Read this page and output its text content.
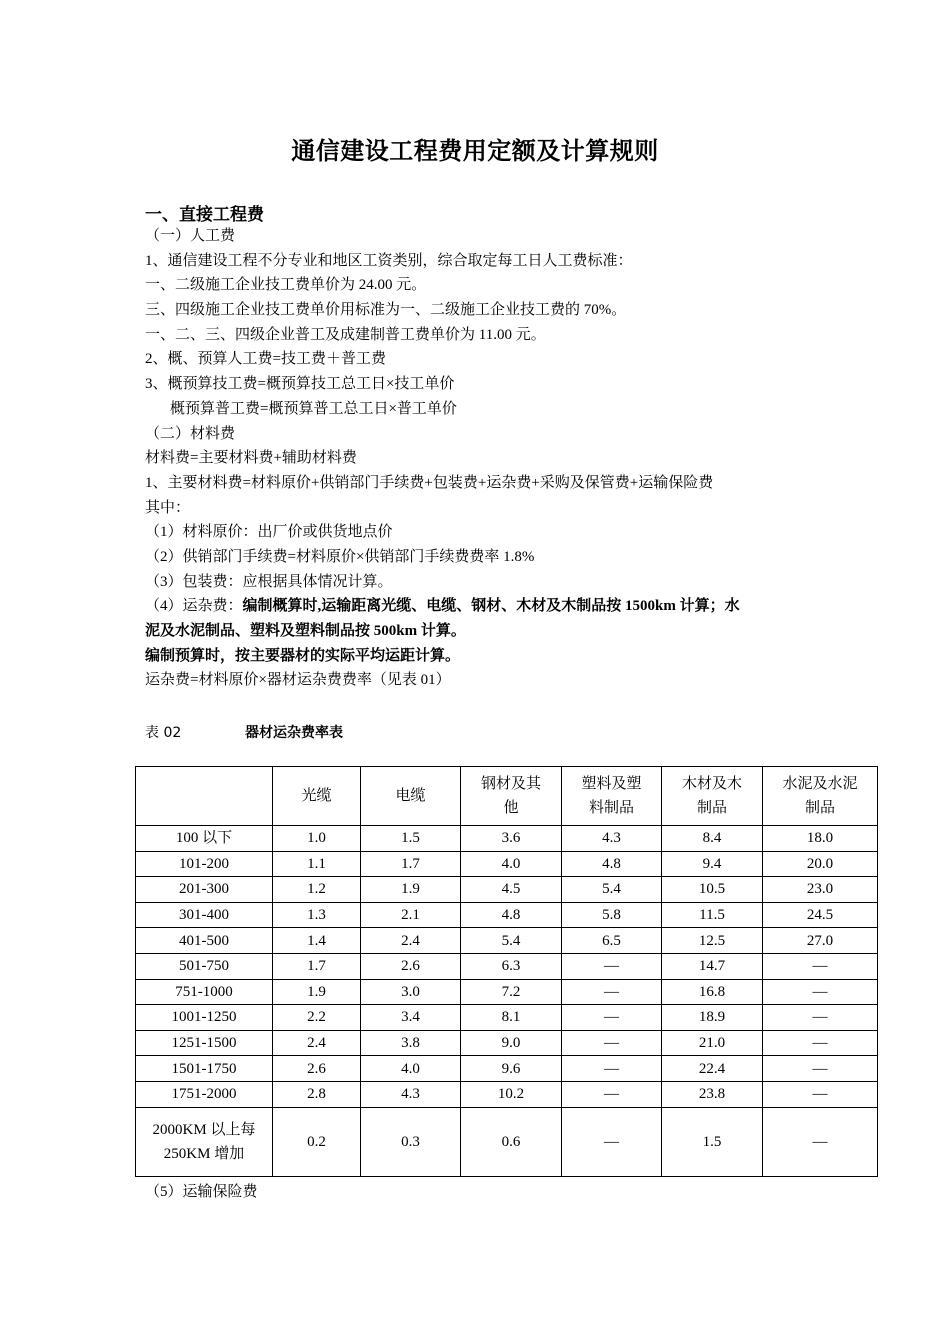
通信建设工程费用定额及计算规则
一、直接工程费
（一）人工费
1、通信建设工程不分专业和地区工资类别，综合取定每工日人工费标准：
一、二级施工企业技工费单价为 24.00 元。
三、四级施工企业技工费单价用标准为一、二级施工企业技工费的 70%。
一、二、三、四级企业普工及成建制普工费单价为 11.00 元。
2、概、预算人工费=技工费＋普工费
3、概预算技工费=概预算技工总工日×技工单价
概预算普工费=概预算普工总工日×普工单价
（二）材料费
材料费=主要材料费+辅助材料费
1、主要材料费=材料原价+供销部门手续费+包装费+运杂费+采购及保管费+运输保险费
其中：
（1）材料原价：出厂价或供货地点价
（2）供销部门手续费=材料原价×供销部门手续费费率 1.8%
（3）包装费：应根据具体情况计算。
（4）运杂费：编制概算时,运输距离光缆、电缆、钢材、木材及木制品按 1500km 计算；水
泥及水泥制品、塑料及塑料制品按 500km 计算。
编制预算时，按主要器材的实际平均运距计算。
运杂费=材料原价×器材运杂费费率（见表 01）
表 02	器材运杂费率表
	光缆	电缆	钢材及其他	塑料及塑料制品	木材及木制品	水泥及水泥制品
100 以下	1.0	1.5	3.6	4.3	8.4	18.0
101-200	1.1	1.7	4.0	4.8	9.4	20.0
201-300	1.2	1.9	4.5	5.4	10.5	23.0
301-400	1.3	2.1	4.8	5.8	11.5	24.5
401-500	1.4	2.4	5.4	6.5	12.5	27.0
501-750	1.7	2.6	6.3	—	14.7	—
751-1000	1.9	3.0	7.2	—	16.8	—
1001-1250	2.2	3.4	8.1	—	18.9	—
1251-1500	2.4	3.8	9.0	—	21.0	—
1501-1750	2.6	4.0	9.6	—	22.4	—
1751-2000	2.8	4.3	10.2	—	23.8	—
2000KM 以上每250KM 增加	0.2	0.3	0.6	—	1.5	—
（5）运输保险费
